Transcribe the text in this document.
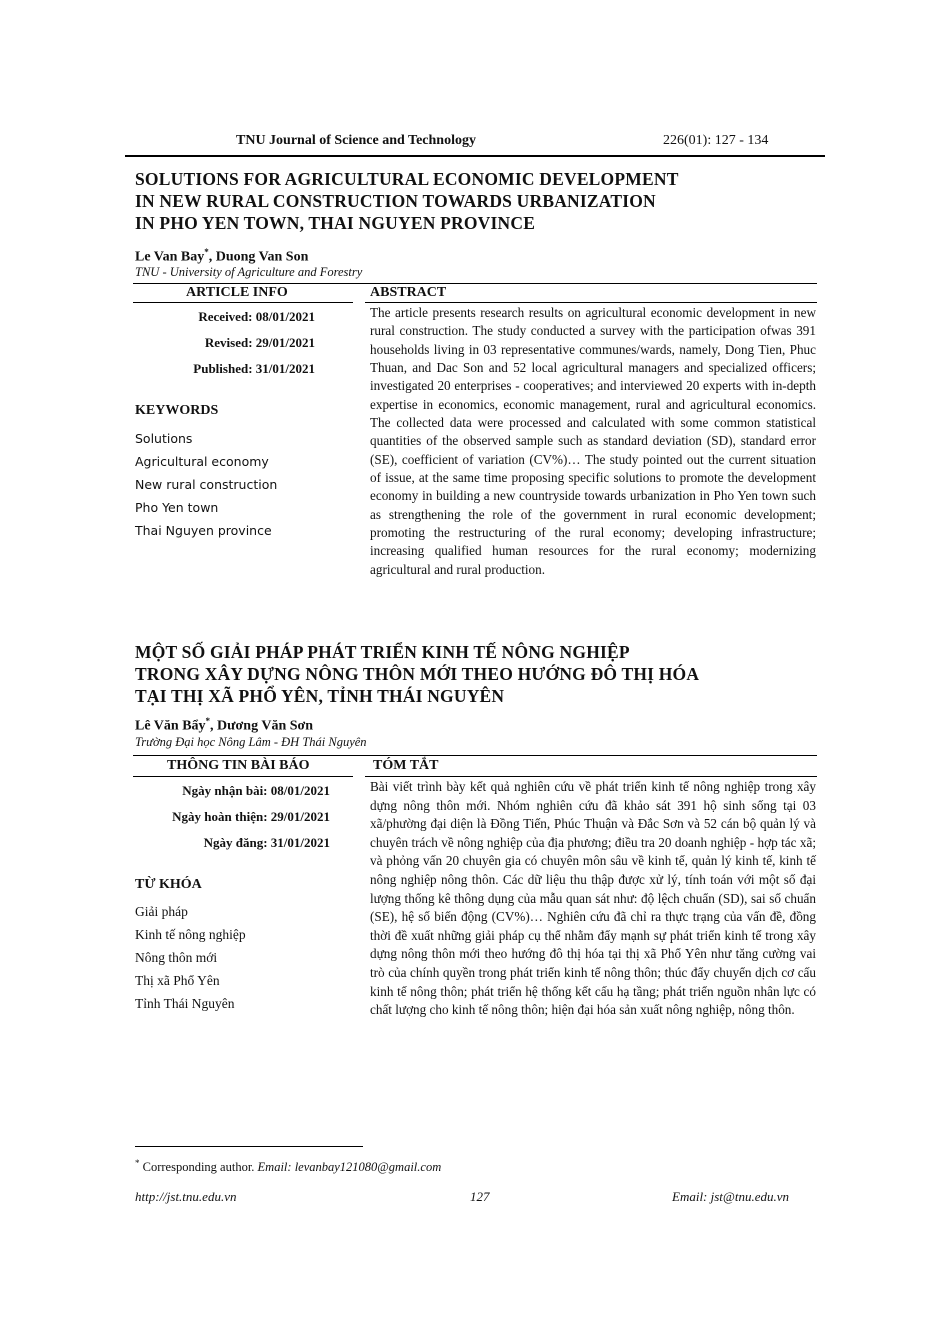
TNU Journal of Science and Technology	226(01): 127 - 134
SOLUTIONS FOR AGRICULTURAL ECONOMIC DEVELOPMENT
IN NEW RURAL CONSTRUCTION TOWARDS URBANIZATION
IN PHO YEN TOWN, THAI NGUYEN PROVINCE
Le Van Bay*, Duong Van Son
TNU - University of Agriculture and Forestry
ARTICLE INFO	ABSTRACT
Received: 08/01/2021
Revised: 29/01/2021
Published: 31/01/2021
KEYWORDS
Solutions
Agricultural economy
New rural construction
Pho Yen town
Thai Nguyen province
The article presents research results on agricultural economic development in new rural construction. The study conducted a survey with the participation ofwas 391 households living in 03 representative communes/wards, namely, Dong Tien, Phuc Thuan, and Dac Son and 52 local agricultural managers and specialized officers; investigated 20 enterprises - cooperatives; and interviewed 20 experts with in-depth expertise in economics, economic management, rural and agricultural economics. The collected data were processed and calculated with some common statistical quantities of the observed sample such as standard deviation (SD), standard error (SE), coefficient of variation (CV%)… The study pointed out the current situation of issue, at the same time proposing specific solutions to promote the development economy in building a new countryside towards urbanization in Pho Yen town such as strengthening the role of the government in rural economic development; promoting the restructuring of the rural economy; developing infrastructure; increasing qualified human resources for the rural economy; modernizing agricultural and rural production.
MỘT SỐ GIẢI PHÁP PHÁT TRIỂN KINH TẾ NÔNG NGHIỆP
TRONG XÂY DỰNG NÔNG THÔN MỚI THEO HƯỚNG ĐÔ THỊ HÓA
TẠI THỊ XÃ PHỔ YÊN, TỈNH THÁI NGUYÊN
Lê Văn Bẩy*, Dương Văn Sơn
Trường Đại học Nông Lâm - ĐH Thái Nguyên
THÔNG TIN BÀI BÁO	TÓM TẮT
Ngày nhận bài: 08/01/2021
Ngày hoàn thiện: 29/01/2021
Ngày đăng: 31/01/2021
TỪ KHÓA
Giải pháp
Kinh tế nông nghiệp
Nông thôn mới
Thị xã Phổ Yên
Tỉnh Thái Nguyên
Bài viết trình bày kết quả nghiên cứu về phát triển kinh tế nông nghiệp trong xây dựng nông thôn mới. Nhóm nghiên cứu đã khảo sát 391 hộ sinh sống tại 03 xã/phường đại diện là Đồng Tiến, Phúc Thuận và Đắc Sơn và 52 cán bộ quản lý và chuyên trách về nông nghiệp của địa phương; điều tra 20 doanh nghiệp - hợp tác xã; và phỏng vấn 20 chuyên gia có chuyên môn sâu về kinh tế, quản lý kinh tế, kinh tế nông nghiệp nông thôn. Các dữ liệu thu thập được xử lý, tính toán với một số đại lượng thống kê thông dụng của mẫu quan sát như: độ lệch chuẩn (SD), sai số chuẩn (SE), hệ số biến động (CV%)… Nghiên cứu đã chỉ ra thực trạng của vấn đề, đồng thời đề xuất những giải pháp cụ thể nhằm đẩy mạnh sự phát triển kinh tế trong xây dựng nông thôn mới theo hướng đô thị hóa tại thị xã Phổ Yên như tăng cường vai trò của chính quyền trong phát triển kinh tế nông thôn; thúc đẩy chuyển dịch cơ cấu kinh tế nông thôn; phát triển hệ thống kết cấu hạ tầng; phát triển nguồn nhân lực có chất lượng cho kinh tế nông thôn; hiện đại hóa sản xuất nông nghiệp, nông thôn.
* Corresponding author. Email: levanbay121080@gmail.com
http://jst.tnu.edu.vn	127	Email: jst@tnu.edu.vn
